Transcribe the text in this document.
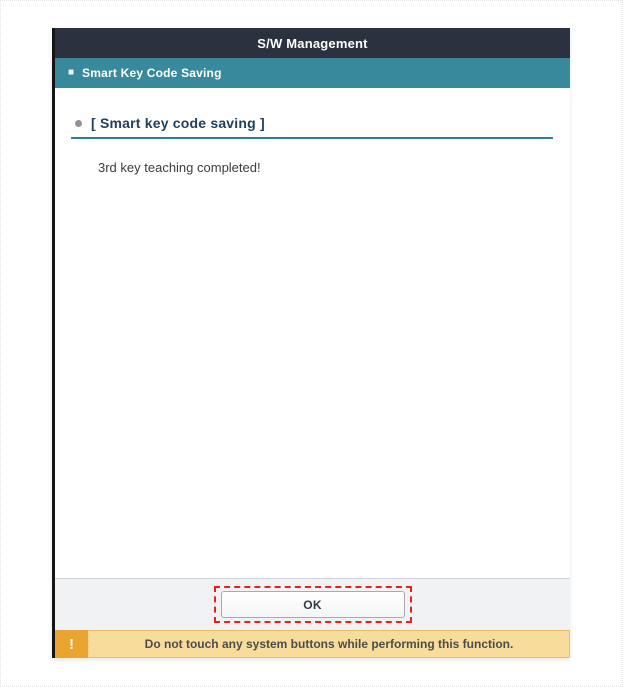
S/W Management
■ Smart Key Code Saving
[ Smart key code saving ]
3rd key teaching completed!
OK
!	Do not touch any system buttons while performing this function.
